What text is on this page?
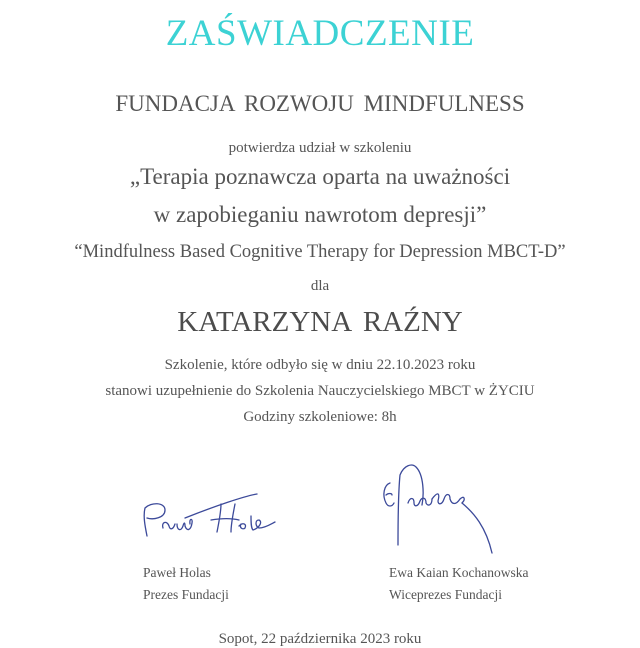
ZAŚWIADCZENIE
FUNDACJA ROZWOJU MINDFULNESS
potwierdza udział w szkoleniu
„Terapia poznawcza oparta na uważności
w zapobieganiu nawrotom depresji”
“Mindfulness Based Cognitive Therapy for Depression MBCT-D”
dla
KATARZYNA RAŹNY
Szkolenie, które odbyło się w dniu 22.10.2023 roku
stanowi uzupełnienie do Szkolenia Nauczycielskiego MBCT w ŻYCIU
Godziny szkoleniowe: 8h
Paweł Holas
Prezes Fundacji
Ewa Kaian Kochanowska
Wiceprezes Fundacji
Sopot, 22 października 2023 roku
